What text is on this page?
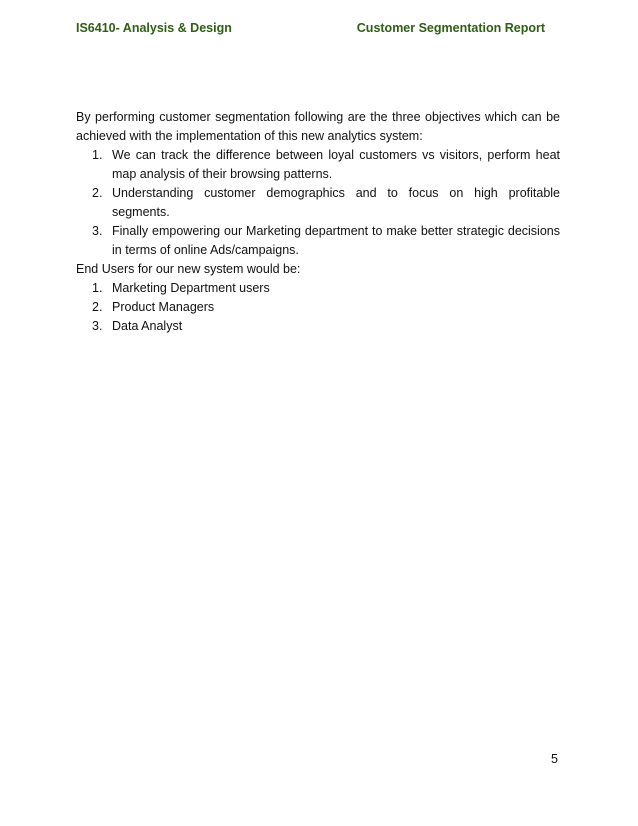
IS6410- Analysis & Design	Customer Segmentation Report

By performing customer segmentation following are the three objectives which can be achieved with the implementation of this new analytics system:

1. We can track the difference between loyal customers vs visitors, perform heat map analysis of their browsing patterns.
2. Understanding customer demographics and to focus on high profitable segments.
3. Finally empowering our Marketing department to make better strategic decisions in terms of online Ads/campaigns.

End Users for our new system would be:

1. Marketing Department users
2. Product Managers
3. Data Analyst
5
